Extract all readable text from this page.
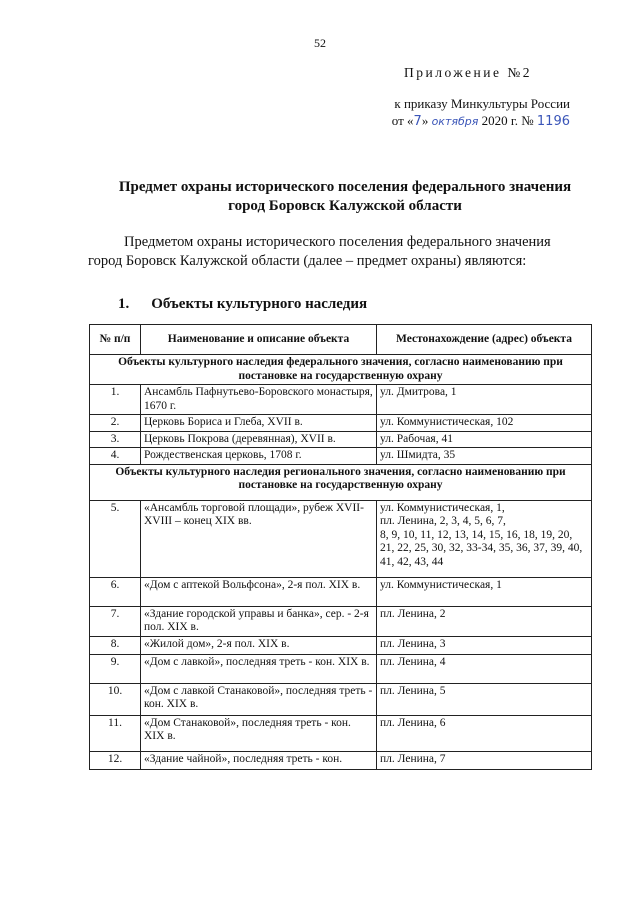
52
Приложение №2
к приказу Минкультуры России
от «7» октября 2020 г. № 1196
Предмет охраны исторического поселения федерального значения
город Боровск Калужской области
Предметом охраны исторического поселения федерального значения
город Боровск Калужской области (далее – предмет охраны) являются:
1. Объекты культурного наследия
№ п/п	Наименование и описание объекта	Местонахождение (адрес) объекта
Объекты культурного наследия федерального значения, согласно наименованию при постановке на государственную охрану		
1.	Ансамбль Пафнутьево-Боровского монастыря, 1670 г.	ул. Дмитрова, 1
2.	Церковь Бориса и Глеба, XVII в.	ул. Коммунистическая, 102
3.	Церковь Покрова (деревянная), XVII в.	ул. Рабочая, 41
4.	Рождественская церковь, 1708 г.	ул. Шмидта, 35
Объекты культурного наследия регионального значения, согласно наименованию при постановке на государственную охрану		
5.	«Ансамбль торговой площади», рубеж XVII-XVIII – конец XIX вв.	ул. Коммунистическая, 1,
пл. Ленина, 2, 3, 4, 5, 6, 7,
8, 9, 10, 11, 12, 13, 14, 15, 16, 18, 19, 20, 21, 22, 25, 30, 32, 33-34, 35, 36, 37, 39, 40, 41, 42, 43, 44
6.	«Дом с аптекой Вольфсона», 2-я пол. XIX в.	ул. Коммунистическая, 1
7.	«Здание городской управы и банка», сер. - 2-я пол. XIX в.	пл. Ленина, 2
8.	«Жилой дом», 2-я пол. XIX в.	пл. Ленина, 3
9.	«Дом с лавкой», последняя треть - кон. XIX в.	пл. Ленина, 4
10.	«Дом с лавкой Станаковой», последняя треть - кон. XIX в.	пл. Ленина, 5
11.	«Дом Станаковой», последняя треть - кон. XIX в.	пл. Ленина, 6
12.	«Здание чайной», последняя треть - кон.	пл. Ленина, 7
